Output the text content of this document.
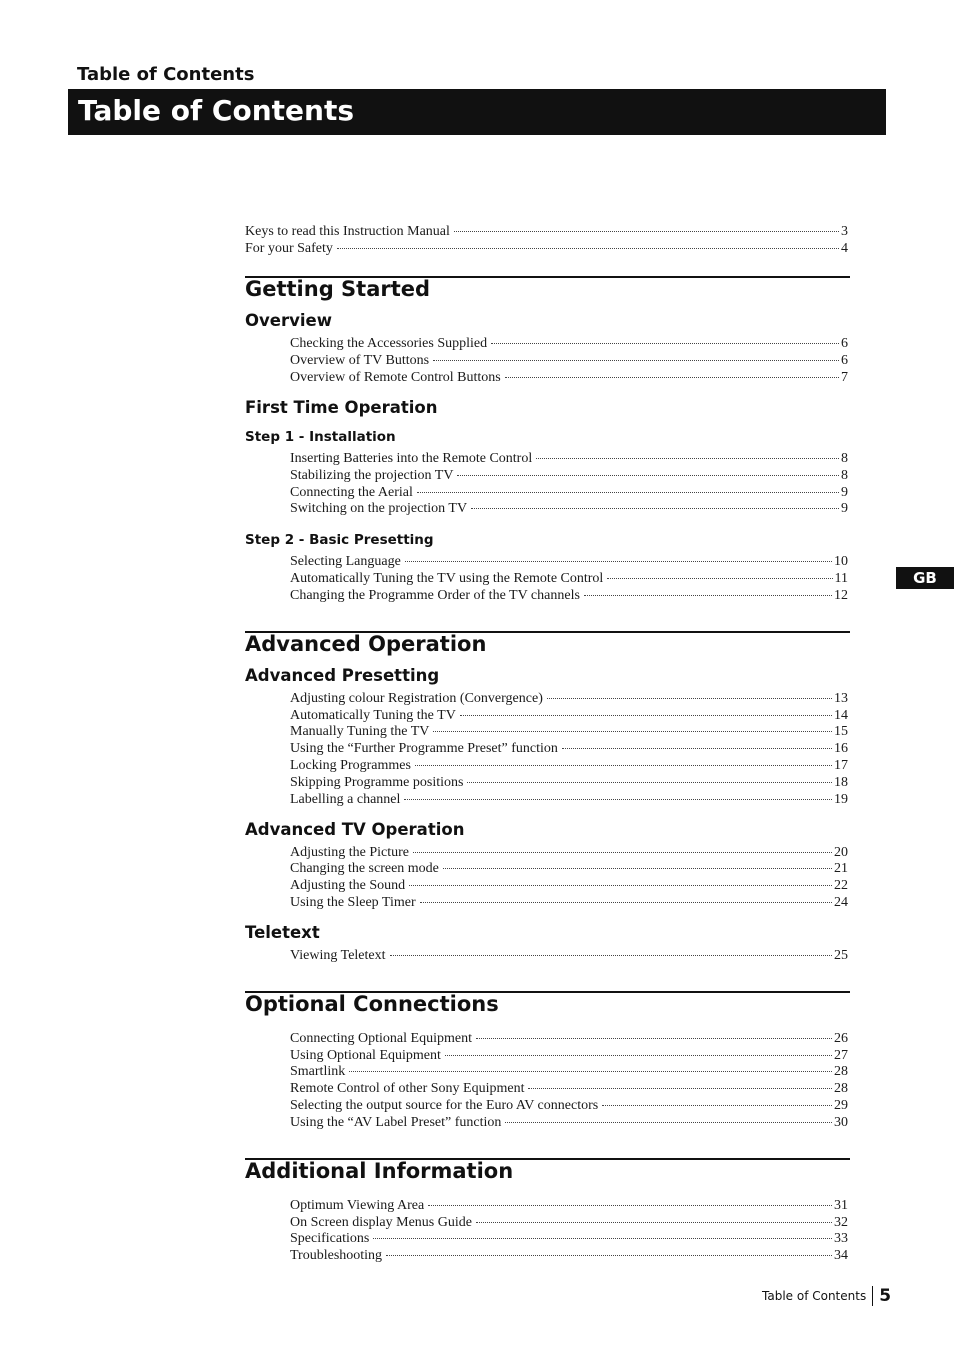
Table of Contents
Table of Contents
GB
Keys to read this Instruction Manual	3
For your Safety	4
Getting Started
Overview
Checking the Accessories Supplied	6
Overview of TV Buttons	6
Overview of Remote Control Buttons	7
First Time Operation
Step 1 - Installation
Inserting Batteries into the Remote Control	8
Stabilizing the projection TV	8
Connecting the Aerial	9
Switching on the projection TV	9
Step 2 - Basic Presetting
Selecting Language	10
Automatically Tuning the TV using the Remote Control	11
Changing the Programme Order of the TV channels	12
Advanced Operation
Advanced Presetting
Adjusting colour Registration (Convergence)	13
Automatically Tuning the TV	14
Manually Tuning the TV	15
Using the “Further Programme Preset” function	16
Locking Programmes	17
Skipping Programme positions	18
Labelling a channel	19
Advanced TV Operation
Adjusting the Picture	20
Changing the screen mode	21
Adjusting the Sound	22
Using the Sleep Timer	24
Teletext
Viewing Teletext	25
Optional Connections
Connecting Optional Equipment	26
Using Optional Equipment	27
Smartlink	28
Remote Control of other Sony Equipment	28
Selecting the output source for the Euro AV connectors	29
Using the “AV Label Preset” function	30
Additional Information
Optimum Viewing Area	31
On Screen display Menus Guide	32
Specifications	33
Troubleshooting	34
Table of Contents 5
